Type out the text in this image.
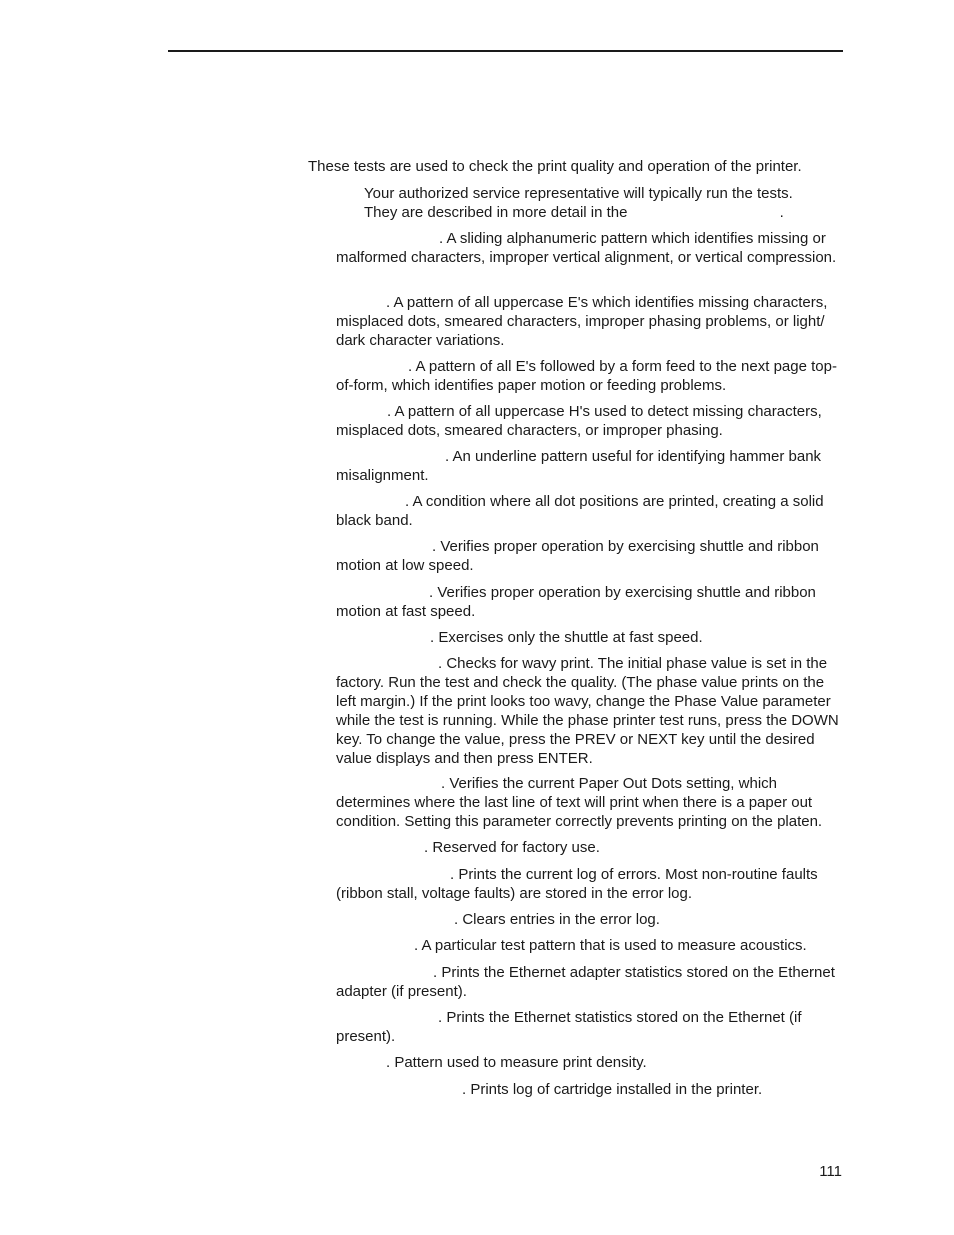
These tests are used to check the print quality and operation of the printer.

Your authorized service representative will typically run the tests.
They are described in more detail in the	.

. A sliding alphanumeric pattern which identifies missing or malformed characters, improper vertical alignment, or vertical compression.

. A pattern of all uppercase E's which identifies missing characters, misplaced dots, smeared characters, improper phasing problems, or light/ dark character variations.

. A pattern of all E's followed by a form feed to the next page top-of-form, which identifies paper motion or feeding problems.

. A pattern of all uppercase H's used to detect missing characters, misplaced dots, smeared characters, or improper phasing.

. An underline pattern useful for identifying hammer bank misalignment.

. A condition where all dot positions are printed, creating a solid black band.

. Verifies proper operation by exercising shuttle and ribbon motion at low speed.

. Verifies proper operation by exercising shuttle and ribbon motion at fast speed.

. Exercises only the shuttle at fast speed.

. Checks for wavy print. The initial phase value is set in the factory. Run the test and check the quality. (The phase value prints on the left margin.) If the print looks too wavy, change the Phase Value parameter while the test is running. While the phase printer test runs, press the DOWN key. To change the value, press the PREV or NEXT key until the desired value displays and then press ENTER.

. Verifies the current Paper Out Dots setting, which determines where the last line of text will print when there is a paper out condition. Setting this parameter correctly prevents printing on the platen.

. Reserved for factory use.

. Prints the current log of errors. Most non-routine faults (ribbon stall, voltage faults) are stored in the error log.

. Clears entries in the error log.

. A particular test pattern that is used to measure acoustics.

. Prints the Ethernet adapter statistics stored on the Ethernet adapter (if present).

. Prints the Ethernet statistics stored on the Ethernet (if present).

. Pattern used to measure print density.

. Prints log of cartridge installed in the printer.

111
